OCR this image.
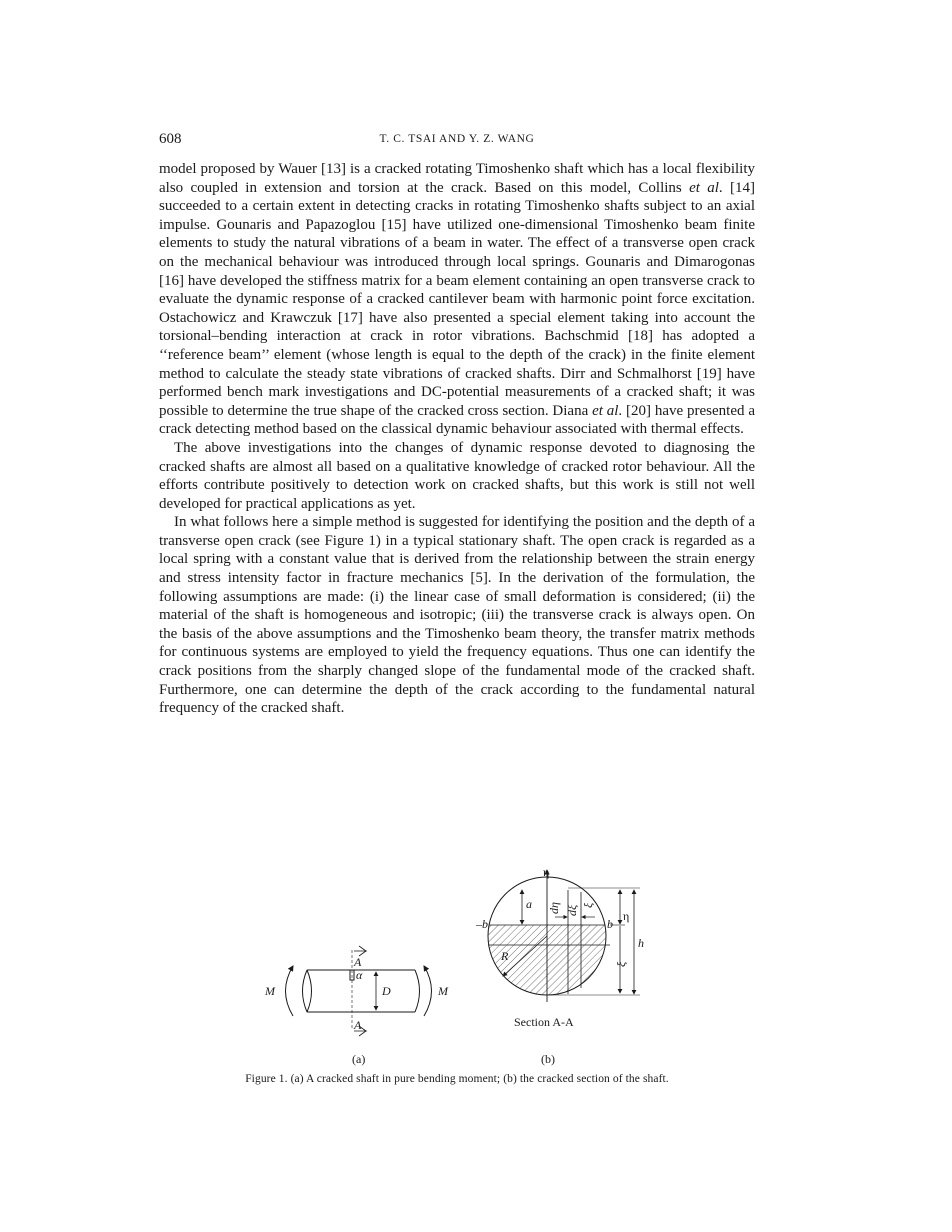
608	T. C. TSAI AND Y. Z. WANG

model proposed by Wauer [13] is a cracked rotating Timoshenko shaft which has a local flexibility also coupled in extension and torsion at the crack. Based on this model, Collins et al. [14] succeeded to a certain extent in detecting cracks in rotating Timoshenko shafts subject to an axial impulse. Gounaris and Papazoglou [15] have utilized one-dimensional Timoshenko beam finite elements to study the natural vibrations of a beam in water. The effect of a transverse open crack on the mechanical behaviour was introduced through local springs. Gounaris and Dimarogonas [16] have developed the stiffness matrix for a beam element containing an open transverse crack to evaluate the dynamic response of a cracked cantilever beam with harmonic point force excitation. Ostachowicz and Krawczuk [17] have also presented a special element taking into account the torsional–bending interaction at crack in rotor vibrations. Bachschmid [18] has adopted a ‘‘reference beam’’ element (whose length is equal to the depth of the crack) in the finite element method to calculate the steady state vibrations of cracked shafts. Dirr and Schmalhorst [19] have performed bench mark investigations and DC-potential measurements of a cracked shaft; it was possible to determine the true shape of the cracked cross section. Diana et al. [20] have presented a crack detecting method based on the classical dynamic behaviour associated with thermal effects.

The above investigations into the changes of dynamic response devoted to diagnosing the cracked shafts are almost all based on a qualitative knowledge of cracked rotor behaviour. All the efforts contribute positively to detection work on cracked shafts, but this work is still not well developed for practical applications as yet.

In what follows here a simple method is suggested for identifying the position and the depth of a transverse open crack (see Figure 1) in a typical stationary shaft. The open crack is regarded as a local spring with a constant value that is derived from the relationship between the strain energy and stress intensity factor in fracture mechanics [5]. In the derivation of the formulation, the following assumptions are made: (i) the linear case of small deformation is considered; (ii) the material of the shaft is homogeneous and isotropic; (iii) the transverse crack is always open. On the basis of the above assumptions and the Timoshenko beam theory, the transfer matrix methods for continuous systems are employed to yield the frequency equations. Thus one can identify the crack positions from the sharply changed slope of the fundamental mode of the cracked shaft. Furthermore, one can determine the depth of the crack according to the fundamental natural frequency of the cracked shaft.

M	M
A
A
α
D
η
a
–b	b
R
η
h
dη dξ
ξ
ξ
Section A-A
(a)	(b)
Figure 1. (a) A cracked shaft in pure bending moment; (b) the cracked section of the shaft.
